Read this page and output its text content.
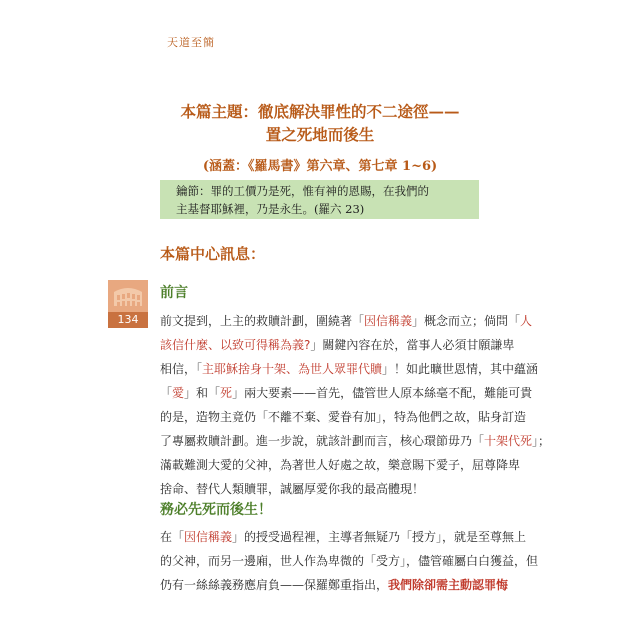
天道至簡

本篇主題：徹底解決罪性的不二途徑——

置之死地而後生

(涵蓋：《羅馬書》第六章、第七章 1~6)

鑰節：罪的工價乃是死，惟有神的恩賜，在我們的

主基督耶穌裡，乃是永生。(羅六 23)

本篇中心訊息：
134
前言
前文提到，上主的救贖計劃，圍繞著「因信稱義」概念而立；倘問「人
該信什麼、以致可得稱為義?」關鍵內容在於，當事人必須甘願謙卑
相信，「主耶穌捨身十架、為世人眾罪代贖」！如此曠世恩情，其中蘊涵
「愛」和「死」兩大要素——首先，儘管世人原本絲毫不配，難能可貴
的是，造物主竟仍「不離不棄、愛眷有加」，特為他們之故，貼身訂造
了專屬救贖計劃。進一步說，就該計劃而言，核心環節毋乃「十架代死」；
滿載難測大愛的父神，為著世人好處之故，樂意賜下愛子，屈尊降卑
捨命、替代人類贖罪，誠屬厚愛你我的最高體現！
務必先死而後生！
在「因信稱義」的授受過程裡，主導者無疑乃「授方」，就是至尊無上
的父神，而另一邊廂，世人作為卑微的「受方」，儘管確屬白白獲益，但
仍有一絲絲義務應肩負——保羅鄭重指出，我們除卻需主動認罪悔
